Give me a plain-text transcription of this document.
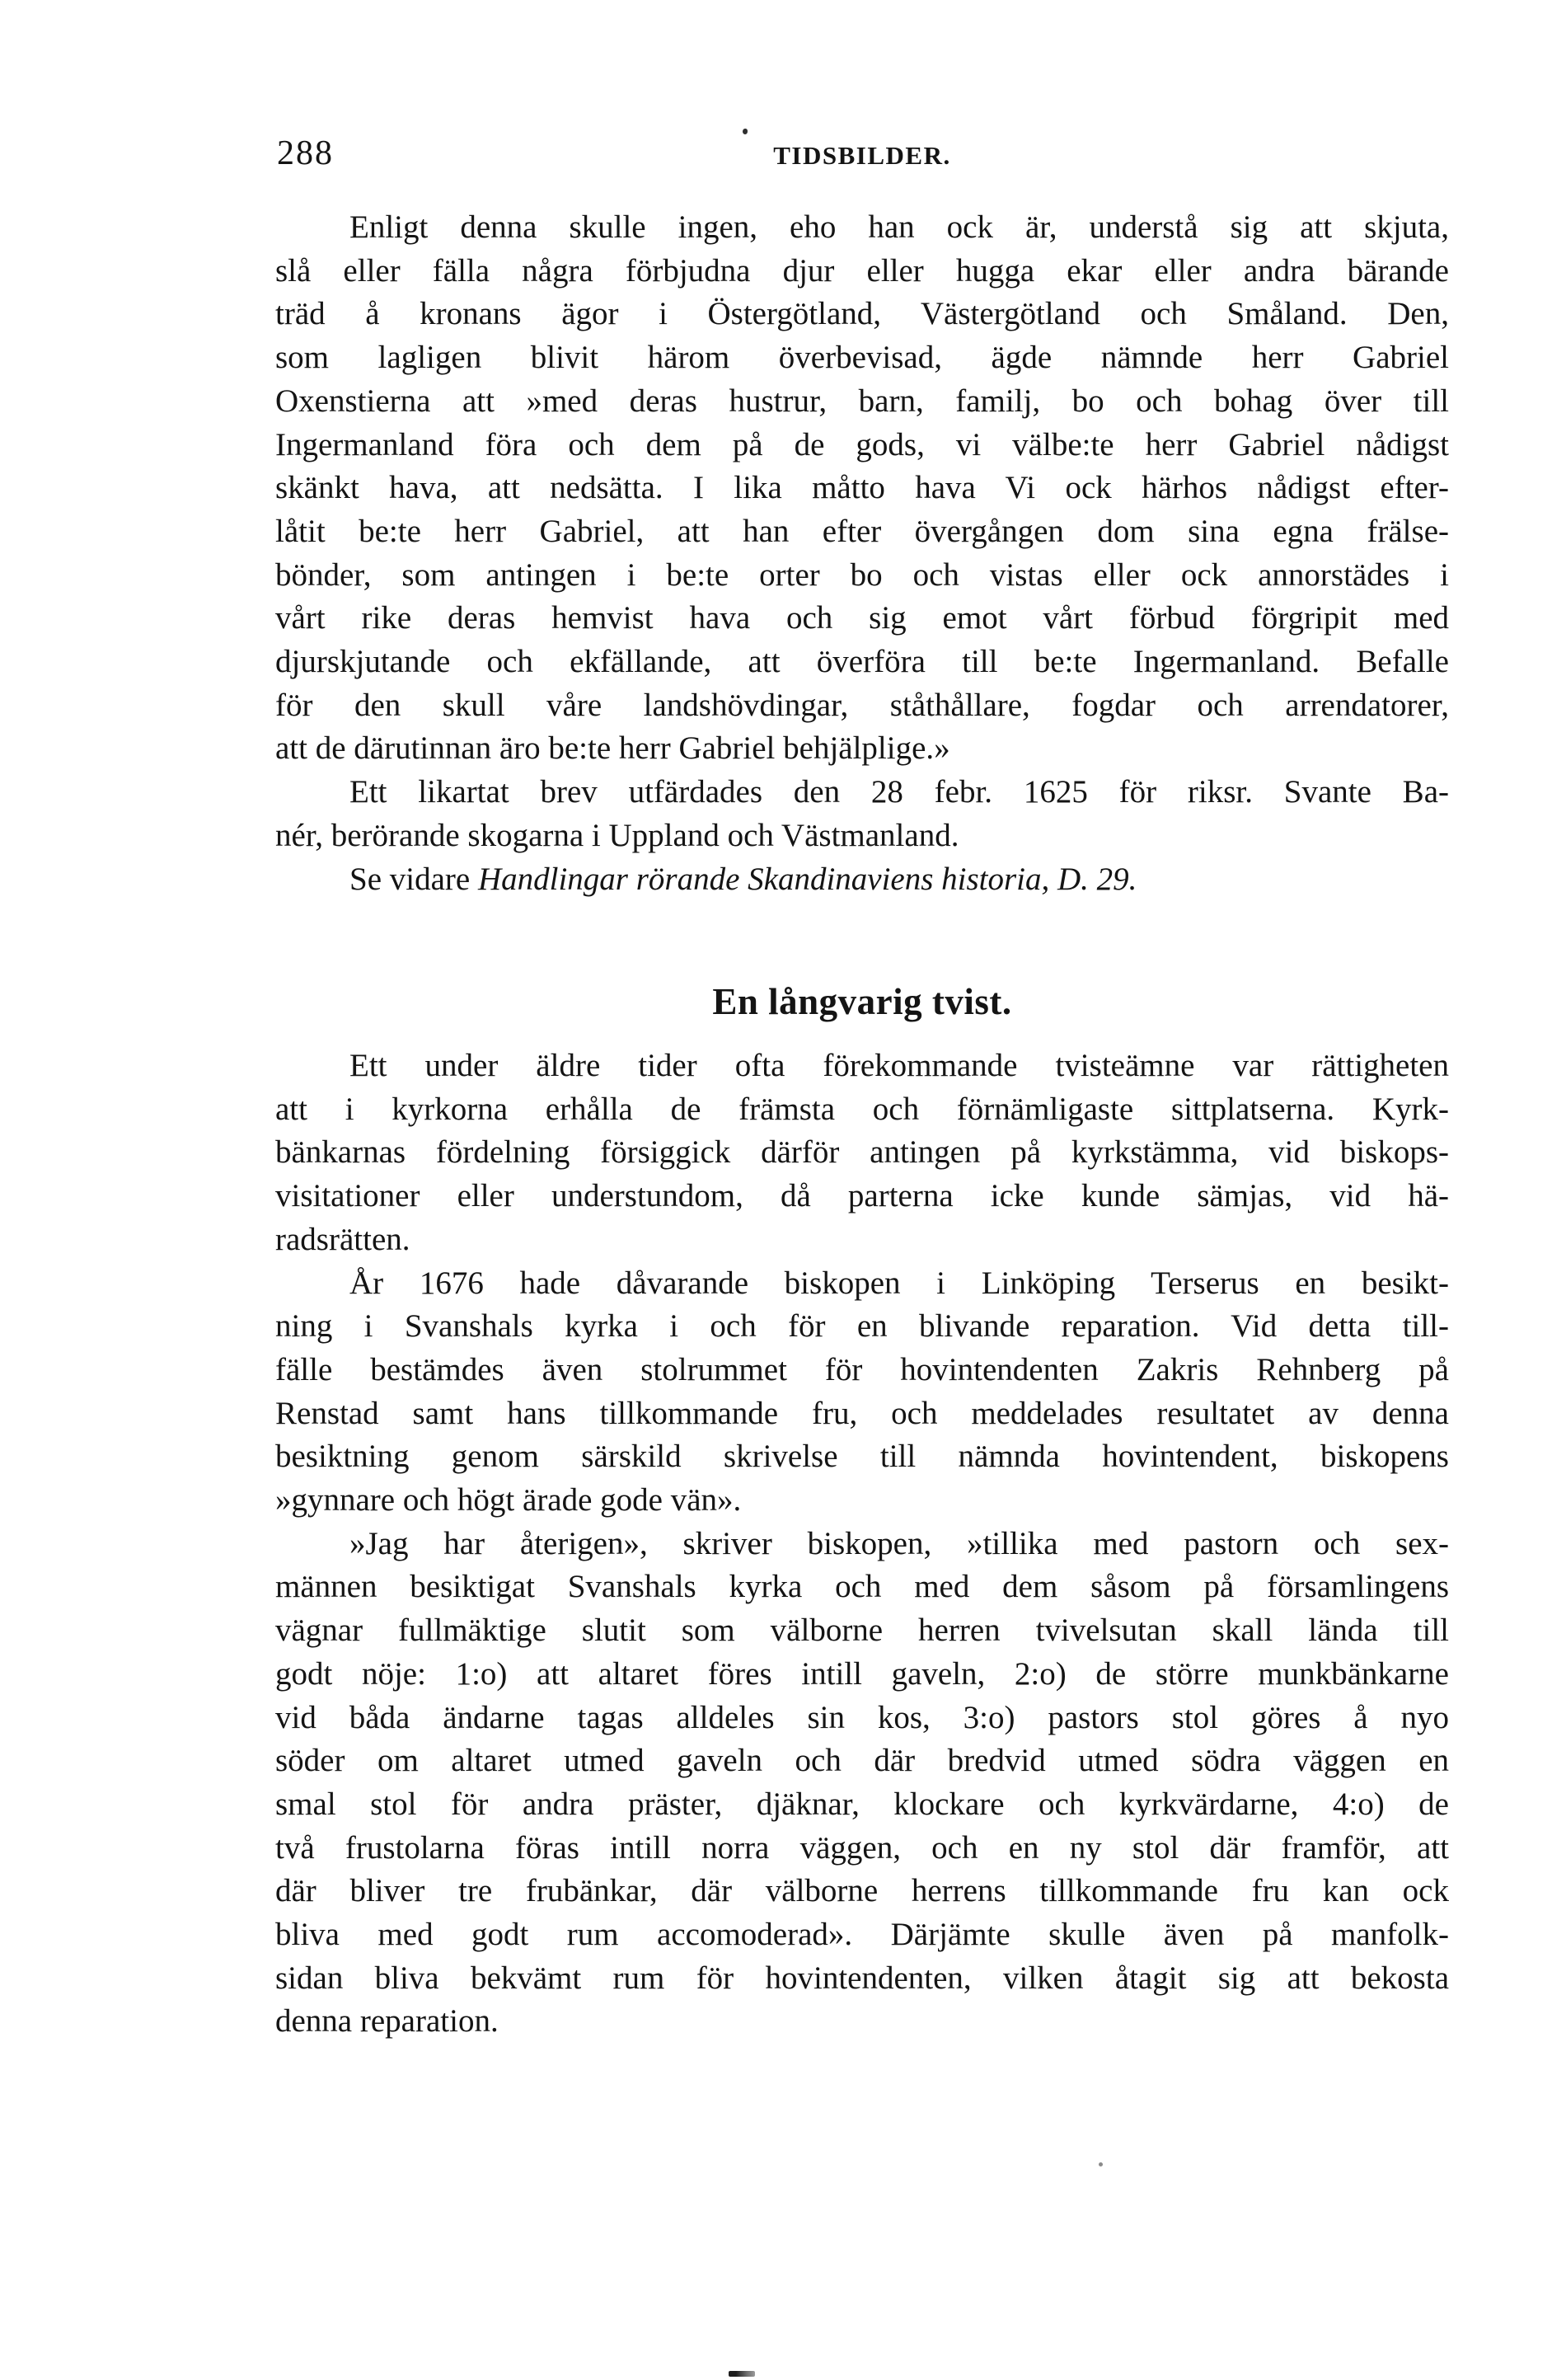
288	TIDSBILDER.
Enligt denna skulle ingen, eho han ock är, understå sig att skjuta,
slå eller fälla några förbjudna djur eller hugga ekar eller andra bärande
träd å kronans ägor i Östergötland, Västergötland och Småland. Den,
som lagligen blivit härom överbevisad, ägde nämnde herr Gabriel
Oxenstierna att »med deras hustrur, barn, familj, bo och bohag över till
Ingermanland föra och dem på de gods, vi välbe:te herr Gabriel nådigst
skänkt hava, att nedsätta. I lika måtto hava Vi ock härhos nådigst efter-
låtit be:te herr Gabriel, att han efter övergången dom sina egna frälse-
bönder, som antingen i be:te orter bo och vistas eller ock annorstädes i
vårt rike deras hemvist hava och sig emot vårt förbud förgripit med
djurskjutande och ekfällande, att överföra till be:te Ingermanland. Befalle
för den skull våre landshövdingar, ståthållare, fogdar och arrendatorer,
att de därutinnan äro be:te herr Gabriel behjälplige.»
Ett likartat brev utfärdades den 28 febr. 1625 för riksr. Svante Ba-
nér, berörande skogarna i Uppland och Västmanland.
Se vidare Handlingar rörande Skandinaviens historia, D. 29.
En långvarig tvist.
Ett under äldre tider ofta förekommande tvisteämne var rättigheten
att i kyrkorna erhålla de främsta och förnämligaste sittplatserna. Kyrk-
bänkarnas fördelning försiggick därför antingen på kyrkstämma, vid biskops-
visitationer eller understundom, då parterna icke kunde sämjas, vid hä-
radsrätten.
År 1676 hade dåvarande biskopen i Linköping Terserus en besikt-
ning i Svanshals kyrka i och för en blivande reparation. Vid detta till-
fälle bestämdes även stolrummet för hovintendenten Zakris Rehnberg på
Renstad samt hans tillkommande fru, och meddelades resultatet av denna
besiktning genom särskild skrivelse till nämnda hovintendent, biskopens
»gynnare och högt ärade gode vän».
»Jag har återigen», skriver biskopen, »tillika med pastorn och sex-
männen besiktigat Svanshals kyrka och med dem såsom på församlingens
vägnar fullmäktige slutit som välborne herren tvivelsutan skall lända till
godt nöje: 1:o) att altaret föres intill gaveln, 2:o) de större munkbänkarne
vid båda ändarne tagas alldeles sin kos, 3:o) pastors stol göres å nyo
söder om altaret utmed gaveln och där bredvid utmed södra väggen en
smal stol för andra präster, djäknar, klockare och kyrkvärdarne, 4:o) de
två frustolarna föras intill norra väggen, och en ny stol där framför, att
där bliver tre frubänkar, där välborne herrens tillkommande fru kan ock
bliva med godt rum accomoderad». Därjämte skulle även på manfolk-
sidan bliva bekvämt rum för hovintendenten, vilken åtagit sig att bekosta
denna reparation.
